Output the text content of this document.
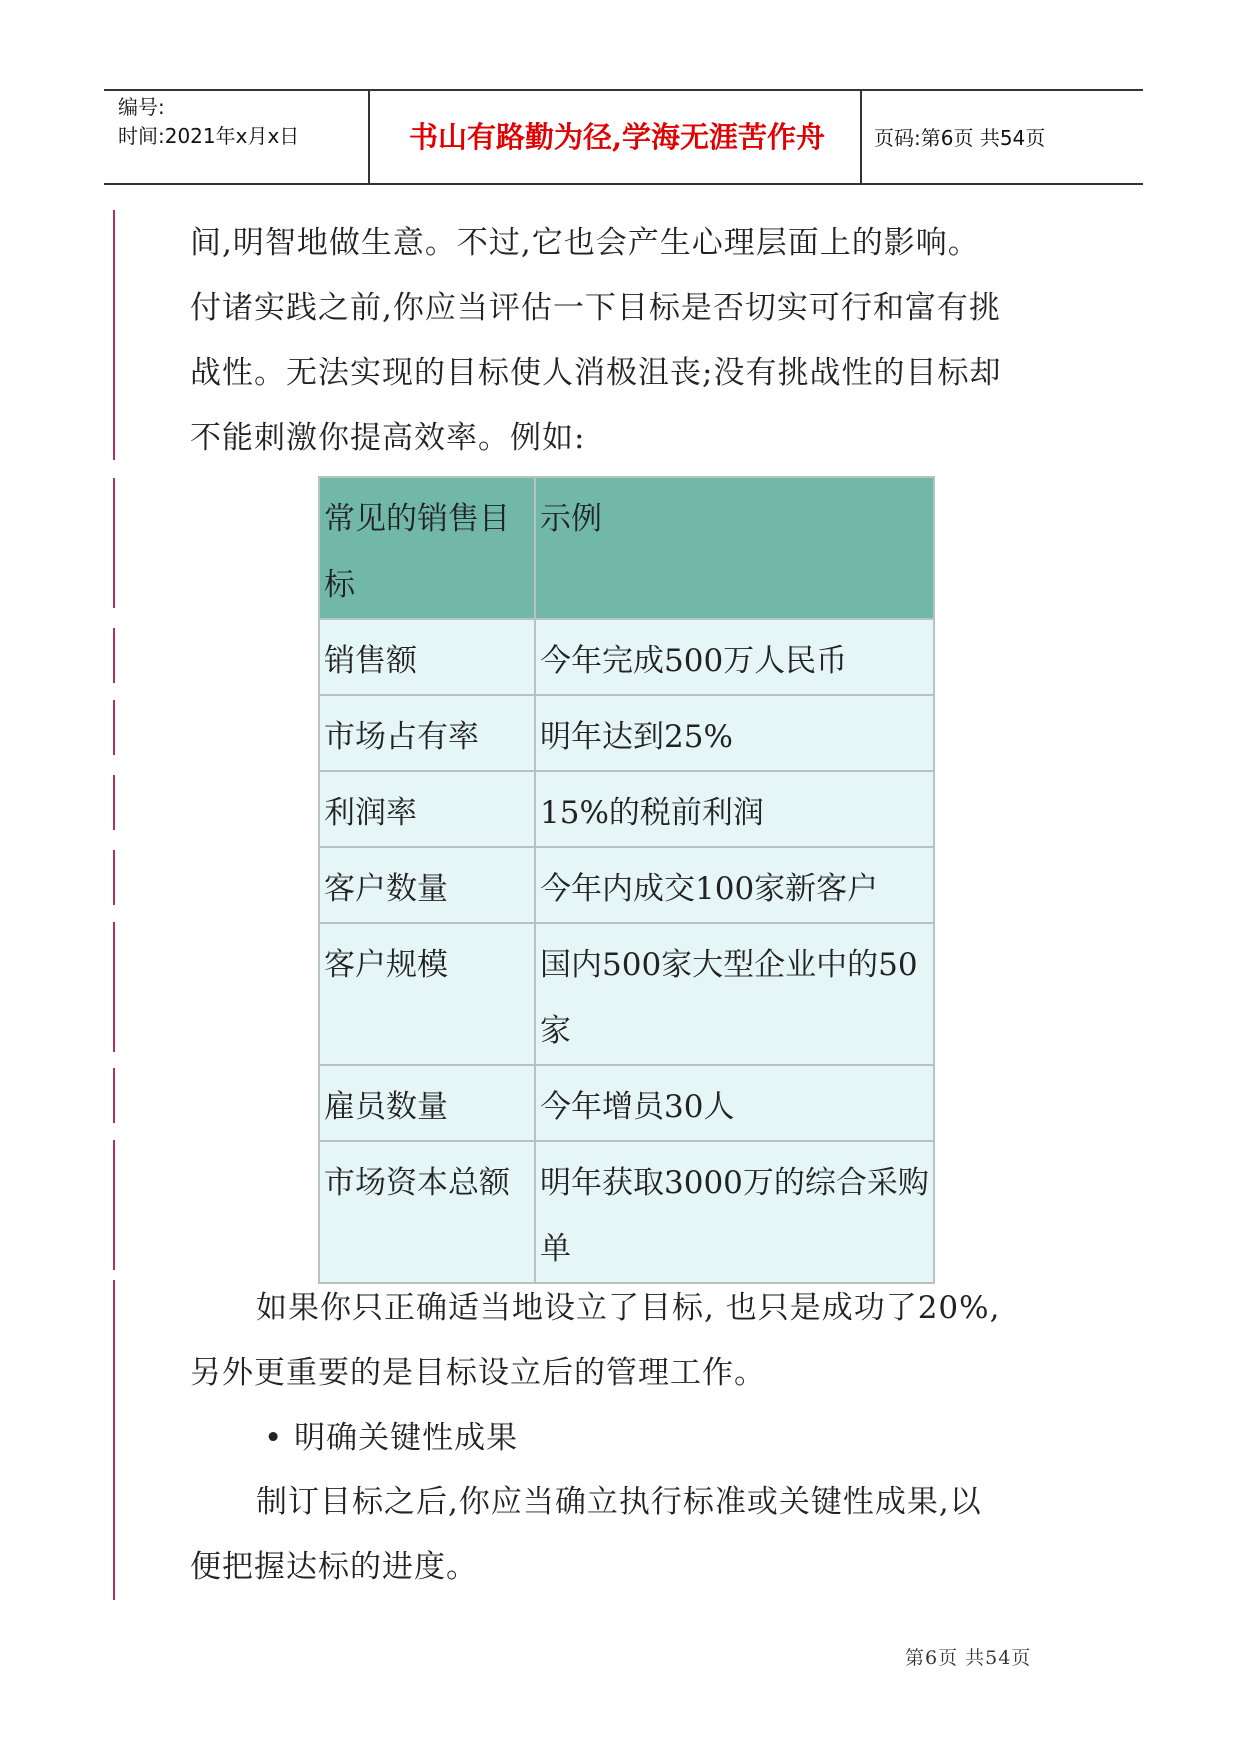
编号:
时间:2021年x月x日	书山有路勤为径,学海无涯苦作舟	页码:第6页 共54页
间,明智地做生意。不过,它也会产生心理层面上的影响。
付诸实践之前,你应当评估一下目标是否切实可行和富有挑
战性。无法实现的目标使人消极沮丧;没有挑战性的目标却
不能刺激你提高效率。例如:
常见的销售目标	示例
销售额	今年完成500万人民币
市场占有率	明年达到25%
利润率	15%的税前利润
客户数量	今年内成交100家新客户
客户规模	国内500家大型企业中的50家
雇员数量	今年增员30人
市场资本总额	明年获取3000万的综合采购单
如果你只正确适当地设立了目标, 也只是成功了20%,
另外更重要的是目标设立后的管理工作。
• 明确关键性成果
制订目标之后,你应当确立执行标准或关键性成果,以
便把握达标的进度。
第6页 共54页
